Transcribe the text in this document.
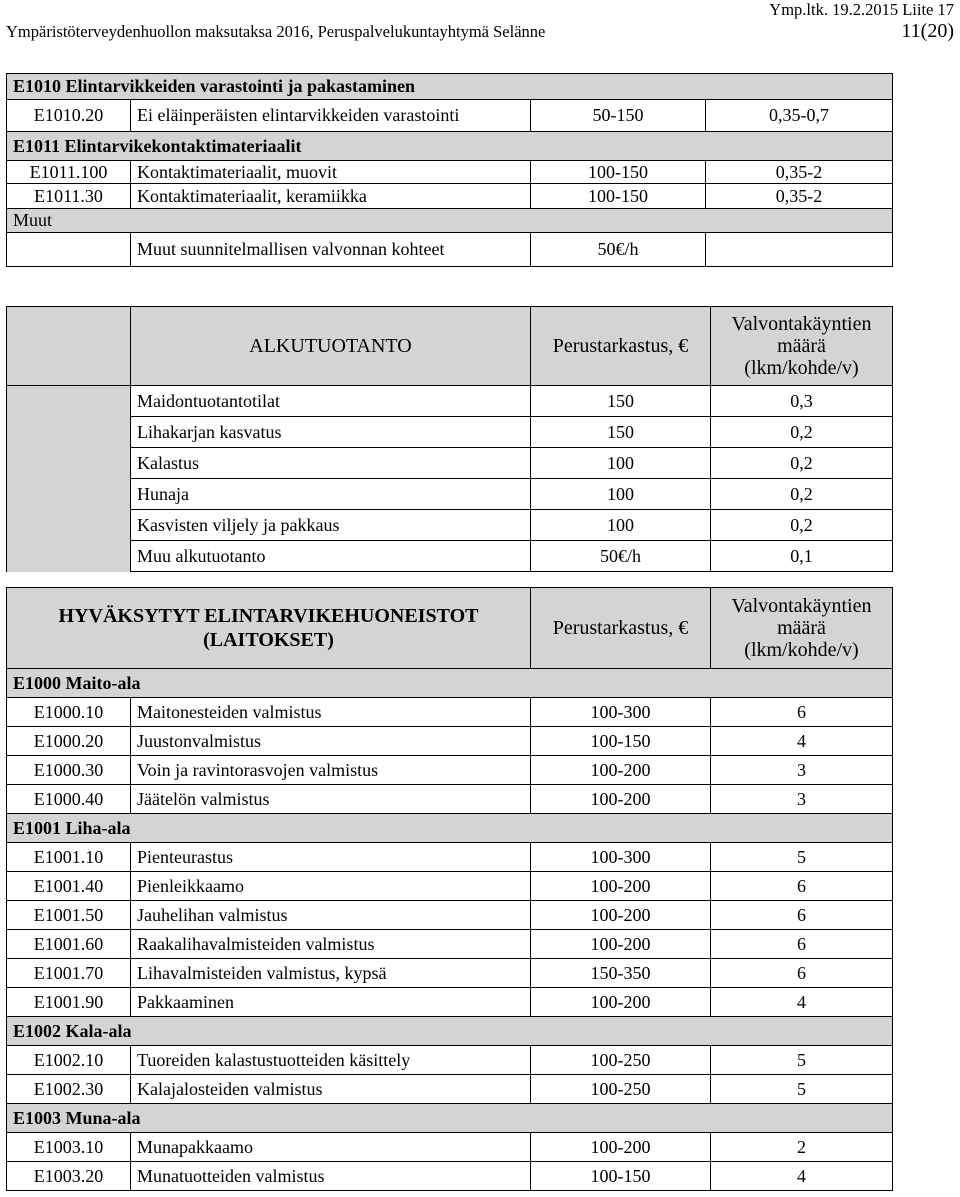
Ympäristöterveydenhuollon maksutaksa 2016, Peruspalvelukuntayhtymä Selänne
Ymp.ltk. 19.2.2015 Liite 17
11(20)
E1010 Elintarvikkeiden varastointi ja pakastaminen			
E1010.20	Ei eläinperäisten elintarvikkeiden varastointi	50-150	0,35-0,7
E1011 Elintarvikekontaktimateriaalit			
E1011.100	Kontaktimateriaalit, muovit	100-150	0,35-2
E1011.30	Kontaktimateriaalit, keramiikka	100-150	0,35-2
Muut			
	Muut suunnitelmallisen valvonnan kohteet	50€/h	
	ALKUTUOTANTO	Perustarkastus, €	Valvontakäyntien
määrä
(lkm/kohde/v)
	Maidontuotantotilat	150	0,3
	Lihakarjan kasvatus	150	0,2
	Kalastus	100	0,2
	Hunaja	100	0,2
	Kasvisten viljely ja pakkaus	100	0,2
	Muu alkutuotanto	50€/h	0,1
HYVÄKSYTYT ELINTARVIKEHUONEISTOT
(LAITOKSET)		Perustarkastus, €	Valvontakäyntien
määrä
(lkm/kohde/v)
E1000 Maito-ala			
E1000.10	Maitonesteiden valmistus	100-300	6
E1000.20	Juustonvalmistus	100-150	4
E1000.30	Voin ja ravintorasvojen valmistus	100-200	3
E1000.40	Jäätelön valmistus	100-200	3
E1001 Liha-ala			
E1001.10	Pienteurastus	100-300	5
E1001.40	Pienleikkaamo	100-200	6
E1001.50	Jauhelihan valmistus	100-200	6
E1001.60	Raakalihavalmisteiden valmistus	100-200	6
E1001.70	Lihavalmisteiden valmistus, kypsä	150-350	6
E1001.90	Pakkaaminen	100-200	4
E1002 Kala-ala			
E1002.10	Tuoreiden kalastustuotteiden käsittely	100-250	5
E1002.30	Kalajalosteiden valmistus	100-250	5
E1003 Muna-ala			
E1003.10	Munapakkaamo	100-200	2
E1003.20	Munatuotteiden valmistus	100-150	4
